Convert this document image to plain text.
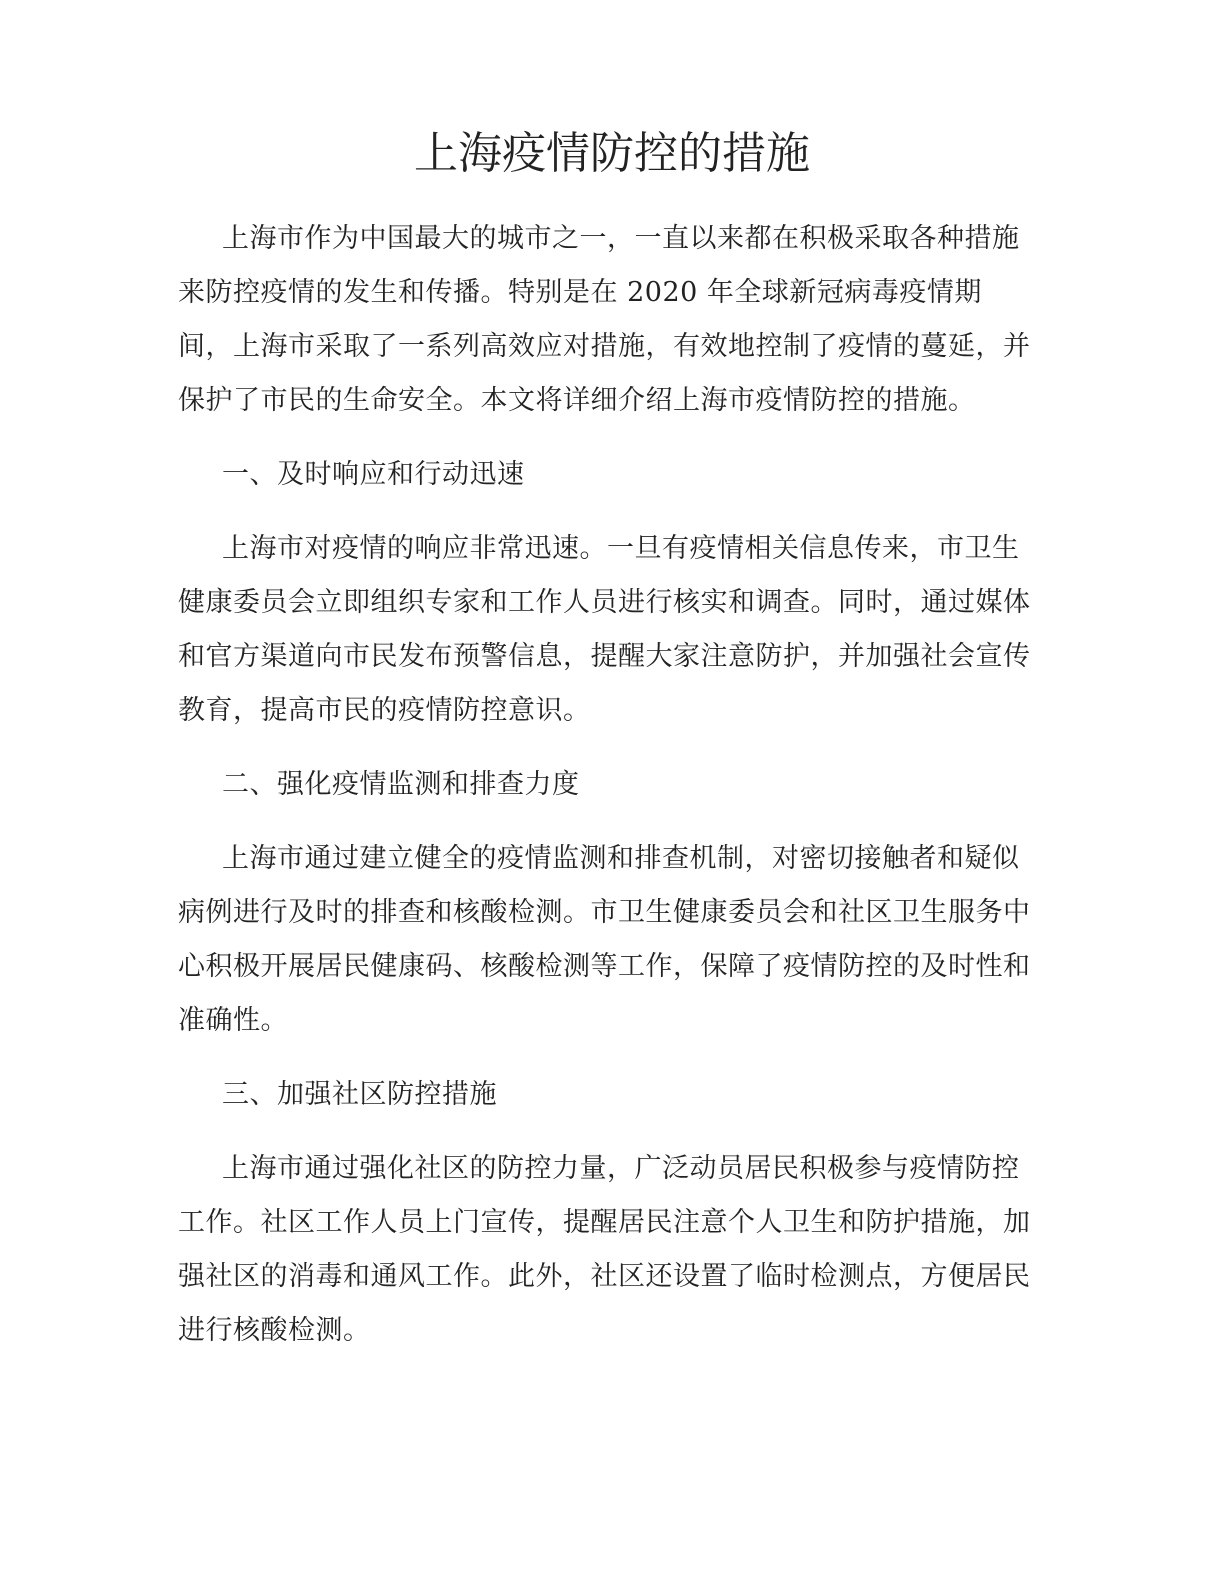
上海疫情防控的措施

上海市作为中国最大的城市之一，一直以来都在积极采取各种措施来防控疫情的发生和传播。特别是在 2020 年全球新冠病毒疫情期间，上海市采取了一系列高效应对措施，有效地控制了疫情的蔓延，并保护了市民的生命安全。本文将详细介绍上海市疫情防控的措施。

一、及时响应和行动迅速

上海市对疫情的响应非常迅速。一旦有疫情相关信息传来，市卫生健康委员会立即组织专家和工作人员进行核实和调查。同时，通过媒体和官方渠道向市民发布预警信息，提醒大家注意防护，并加强社会宣传教育，提高市民的疫情防控意识。

二、强化疫情监测和排查力度

上海市通过建立健全的疫情监测和排查机制，对密切接触者和疑似病例进行及时的排查和核酸检测。市卫生健康委员会和社区卫生服务中心积极开展居民健康码、核酸检测等工作，保障了疫情防控的及时性和准确性。

三、加强社区防控措施

上海市通过强化社区的防控力量，广泛动员居民积极参与疫情防控工作。社区工作人员上门宣传，提醒居民注意个人卫生和防护措施，加强社区的消毒和通风工作。此外，社区还设置了临时检测点，方便居民进行核酸检测。
